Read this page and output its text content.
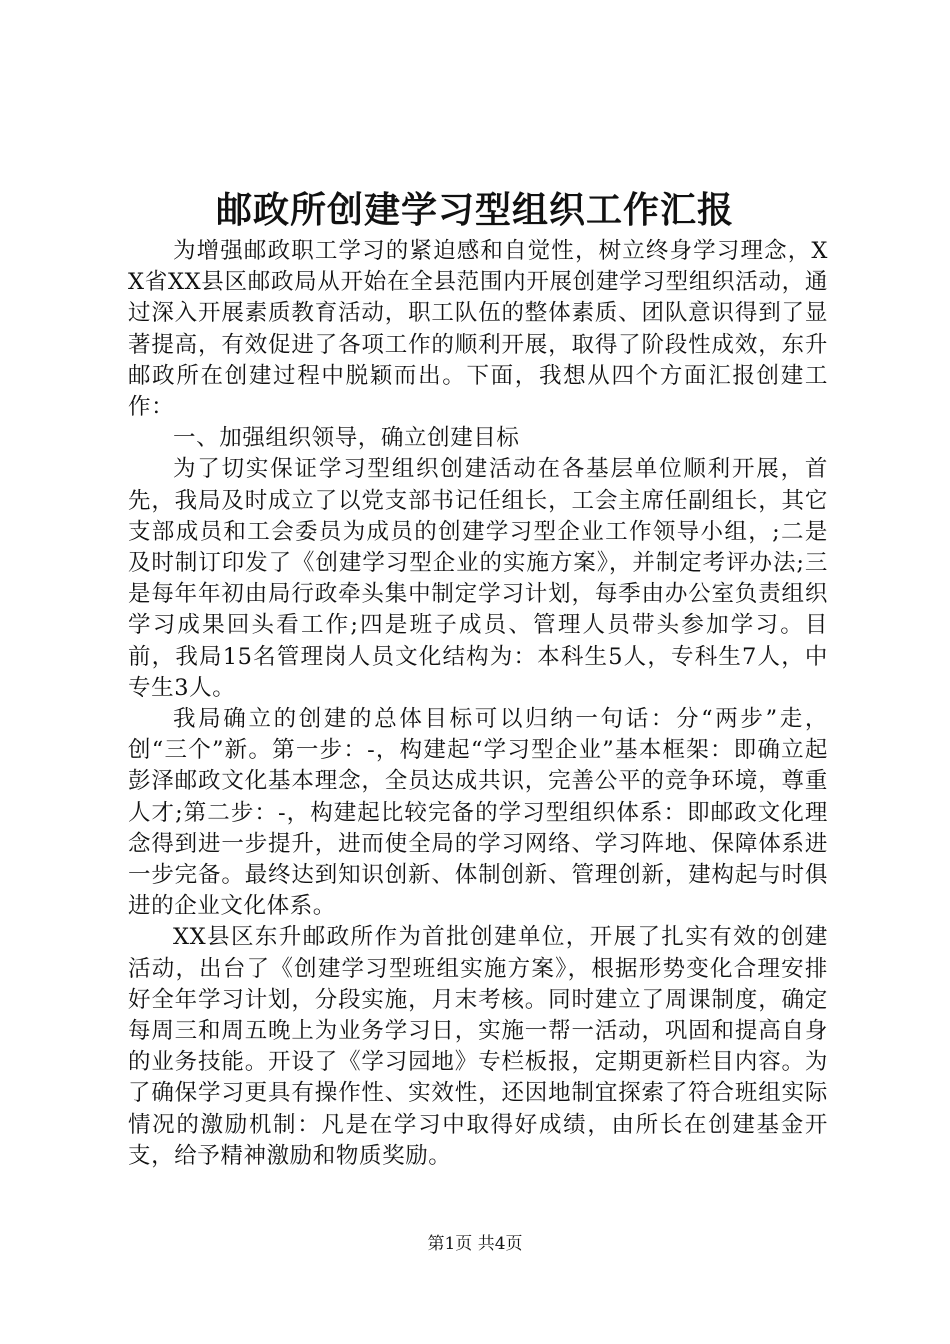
邮政所创建学习型组织工作汇报

为增强邮政职工学习的紧迫感和自觉性，树立终身学习理念，XX省XX县区邮政局从开始在全县范围内开展创建学习型组织活动，通过深入开展素质教育活动，职工队伍的整体素质、团队意识得到了显著提高，有效促进了各项工作的顺利开展，取得了阶段性成效，东升邮政所在创建过程中脱颖而出。下面，我想从四个方面汇报创建工作：

一、加强组织领导，确立创建目标

为了切实保证学习型组织创建活动在各基层单位顺利开展，首先，我局及时成立了以党支部书记任组长，工会主席任副组长，其它支部成员和工会委员为成员的创建学习型企业工作领导小组，;二是及时制订印发了《创建学习型企业的实施方案》，并制定考评办法;三是每年年初由局行政牵头集中制定学习计划，每季由办公室负责组织学习成果回头看工作;四是班子成员、管理人员带头参加学习。目前，我局15名管理岗人员文化结构为：本科生5人，专科生7人，中专生3人。

我局确立的创建的总体目标可以归纳一句话：分“两步”走，创“三个”新。第一步：-，构建起“学习型企业”基本框架：即确立起彭泽邮政文化基本理念，全员达成共识，完善公平的竞争环境，尊重人才;第二步：-，构建起比较完备的学习型组织体系：即邮政文化理念得到进一步提升，进而使全局的学习网络、学习阵地、保障体系进一步完备。最终达到知识创新、体制创新、管理创新，建构起与时俱进的企业文化体系。

XX县区东升邮政所作为首批创建单位，开展了扎实有效的创建活动，出台了《创建学习型班组实施方案》，根据形势变化合理安排好全年学习计划，分段实施，月末考核。同时建立了周课制度，确定每周三和周五晚上为业务学习日，实施一帮一活动，巩固和提高自身的业务技能。开设了《学习园地》专栏板报，定期更新栏目内容。为了确保学习更具有操作性、实效性，还因地制宜探索了符合班组实际情况的激励机制：凡是在学习中取得好成绩，由所长在创建基金开支，给予精神激励和物质奖励。

第1页 共4页
